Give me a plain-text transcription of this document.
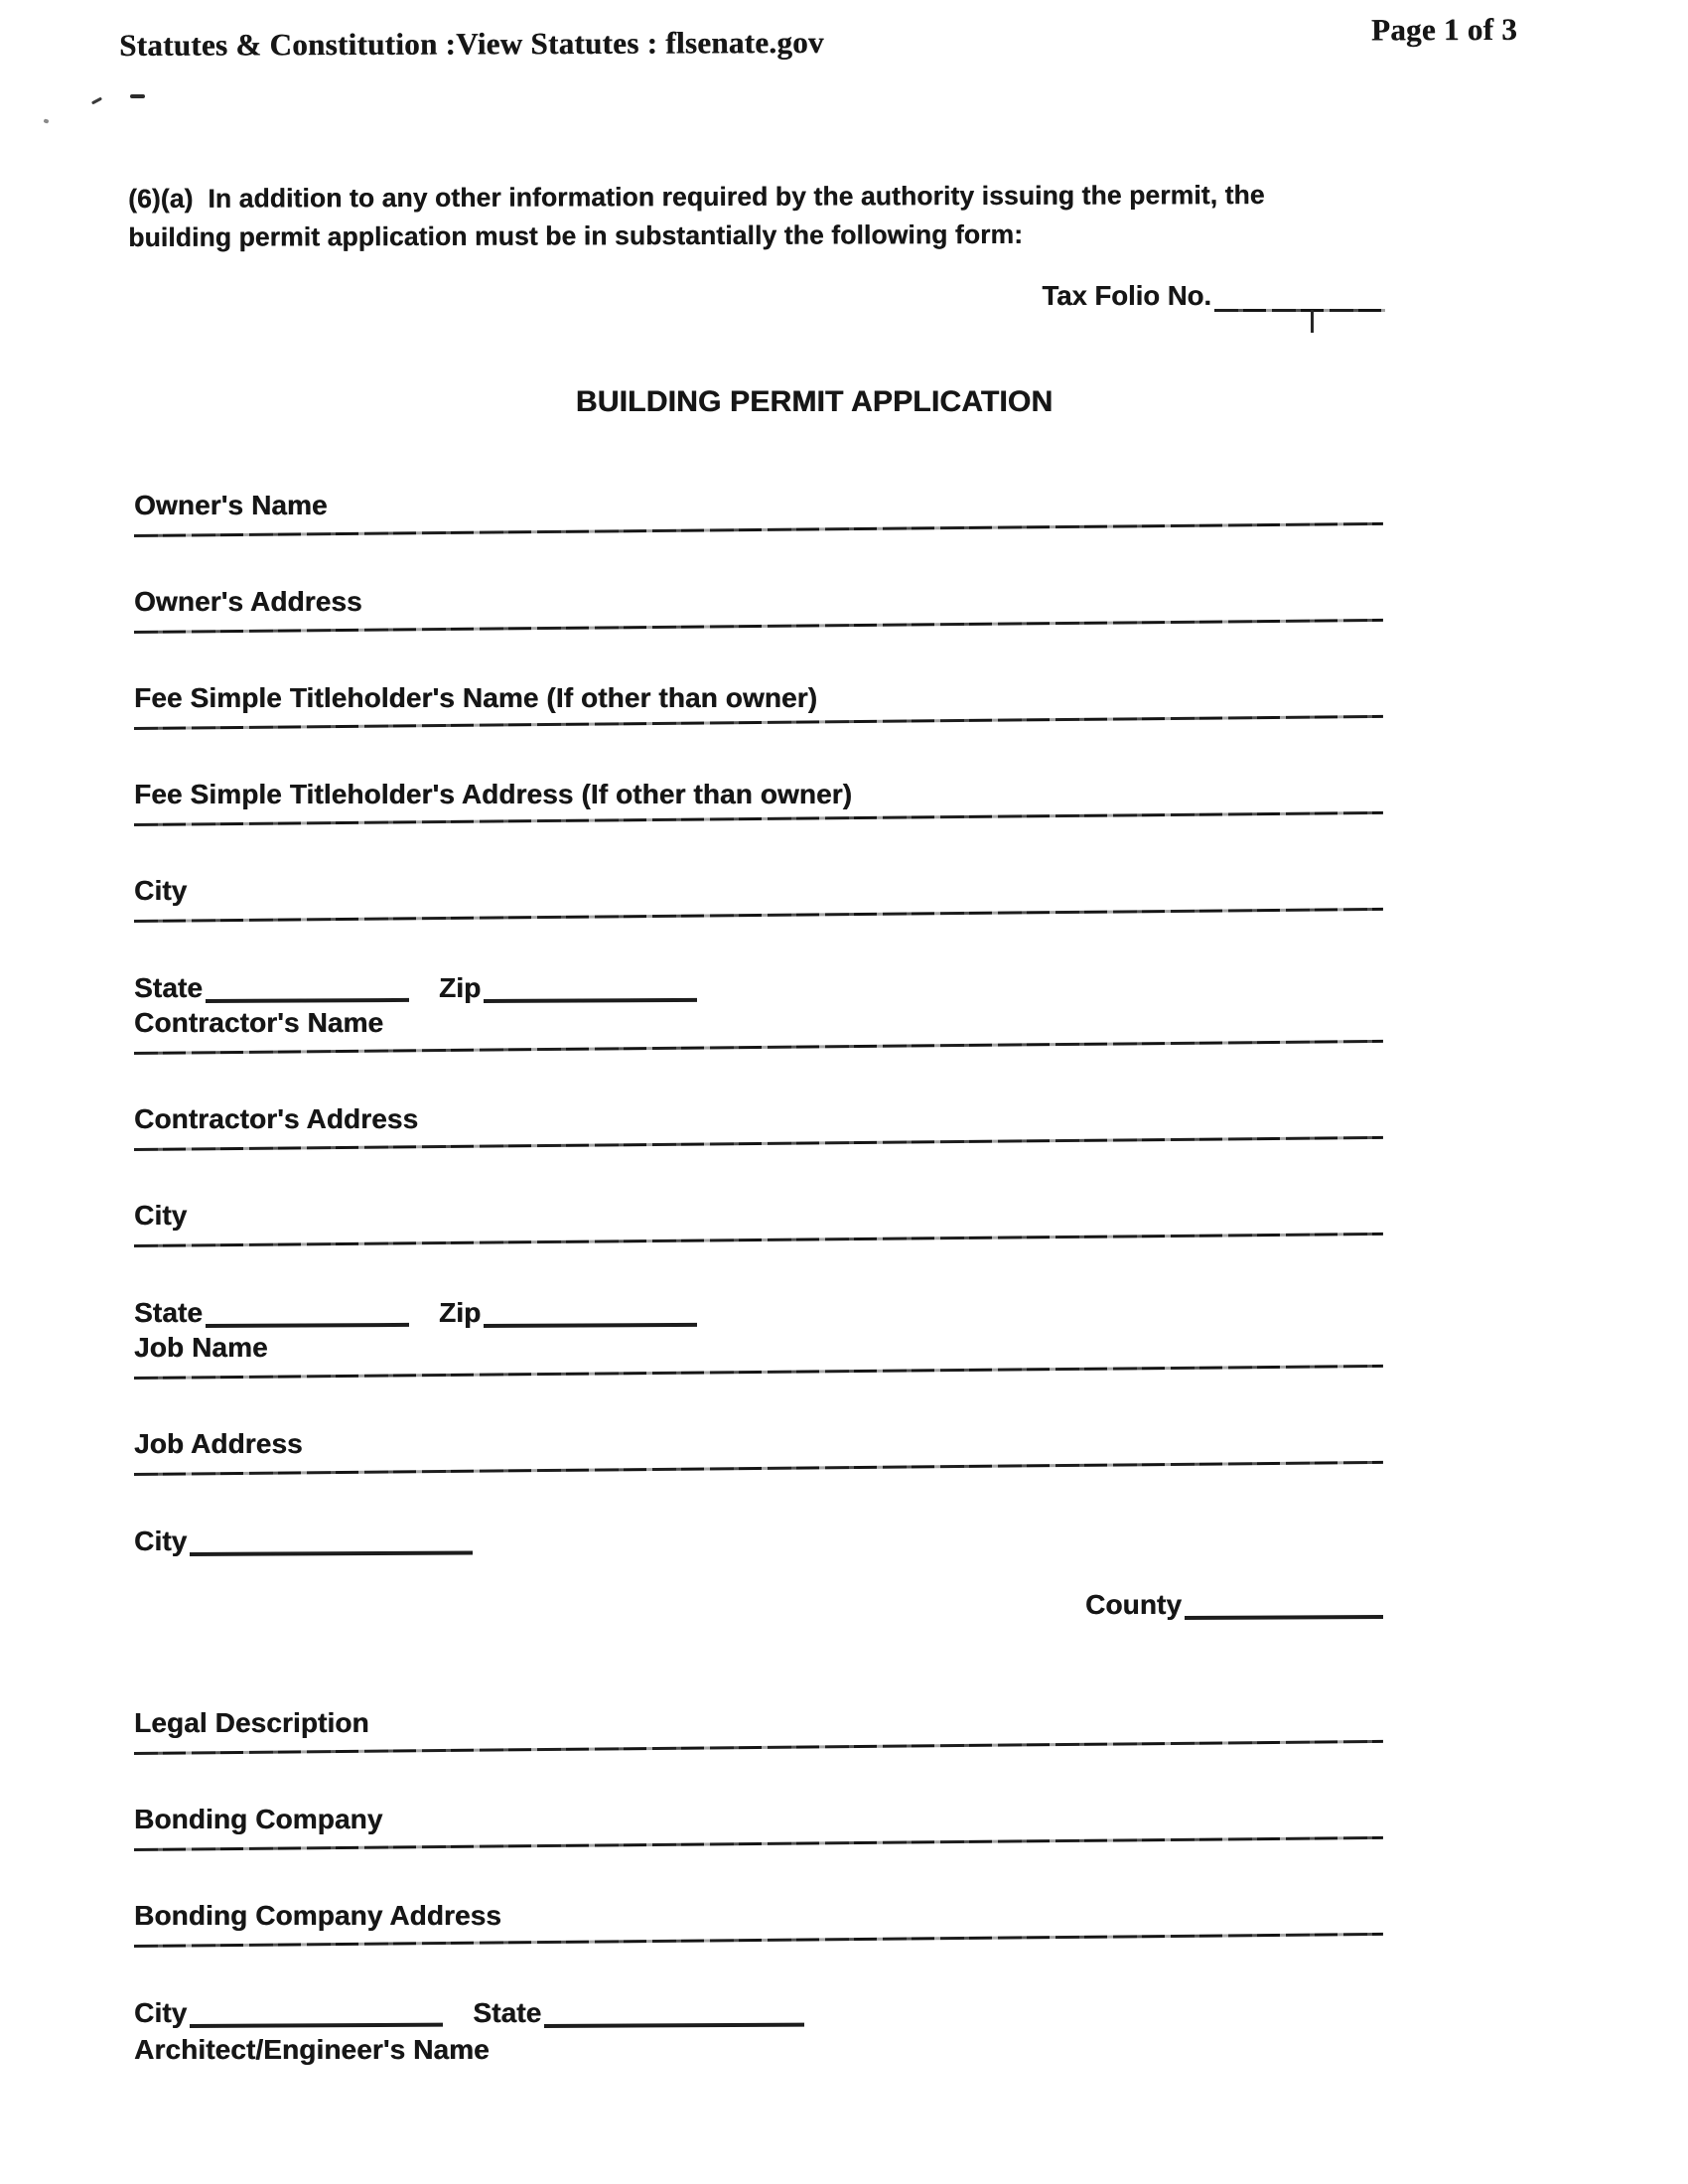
Statutes & Constitution :View Statutes : flsenate.gov	Page 1 of 3
(6)(a)  In addition to any other information required by the authority issuing the permit, the building permit application must be in substantially the following form:
Tax Folio No.
BUILDING PERMIT APPLICATION
Owner's Name
Owner's Address
Fee Simple Titleholder's Name (If other than owner)
Fee Simple Titleholder's Address (If other than owner)
City
State	Zip
Contractor's Name
Contractor's Address
City
State	Zip
Job Name
Job Address
City
County
Legal Description
Bonding Company
Bonding Company Address
City	State
Architect/Engineer's Name
